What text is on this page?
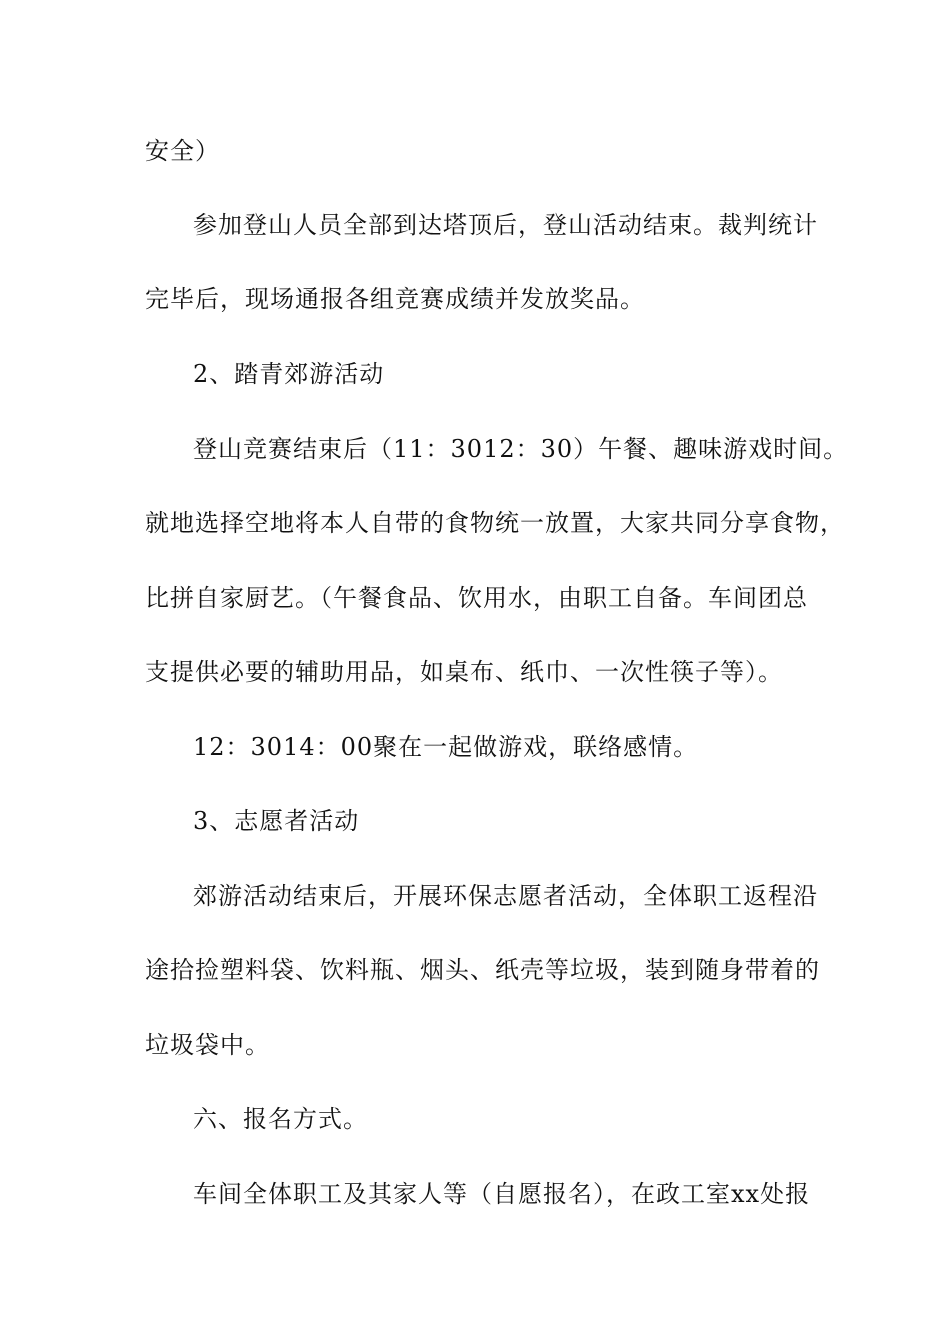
安全）
参加登山人员全部到达塔顶后，登山活动结束。裁判统计
完毕后，现场通报各组竞赛成绩并发放奖品。
2、踏青郊游活动
登山竞赛结束后（11：3012：30）午餐、趣味游戏时间。
就地选择空地将本人自带的食物统一放置，大家共同分享食物，
比拼自家厨艺。（午餐食品、饮用水，由职工自备。车间团总
支提供必要的辅助用品，如桌布、纸巾、一次性筷子等）。
12：3014：00聚在一起做游戏，联络感情。
3、志愿者活动
郊游活动结束后，开展环保志愿者活动，全体职工返程沿
途拾捡塑料袋、饮料瓶、烟头、纸壳等垃圾，装到随身带着的
垃圾袋中。
六、报名方式。
车间全体职工及其家人等（自愿报名），在政工室xx处报
